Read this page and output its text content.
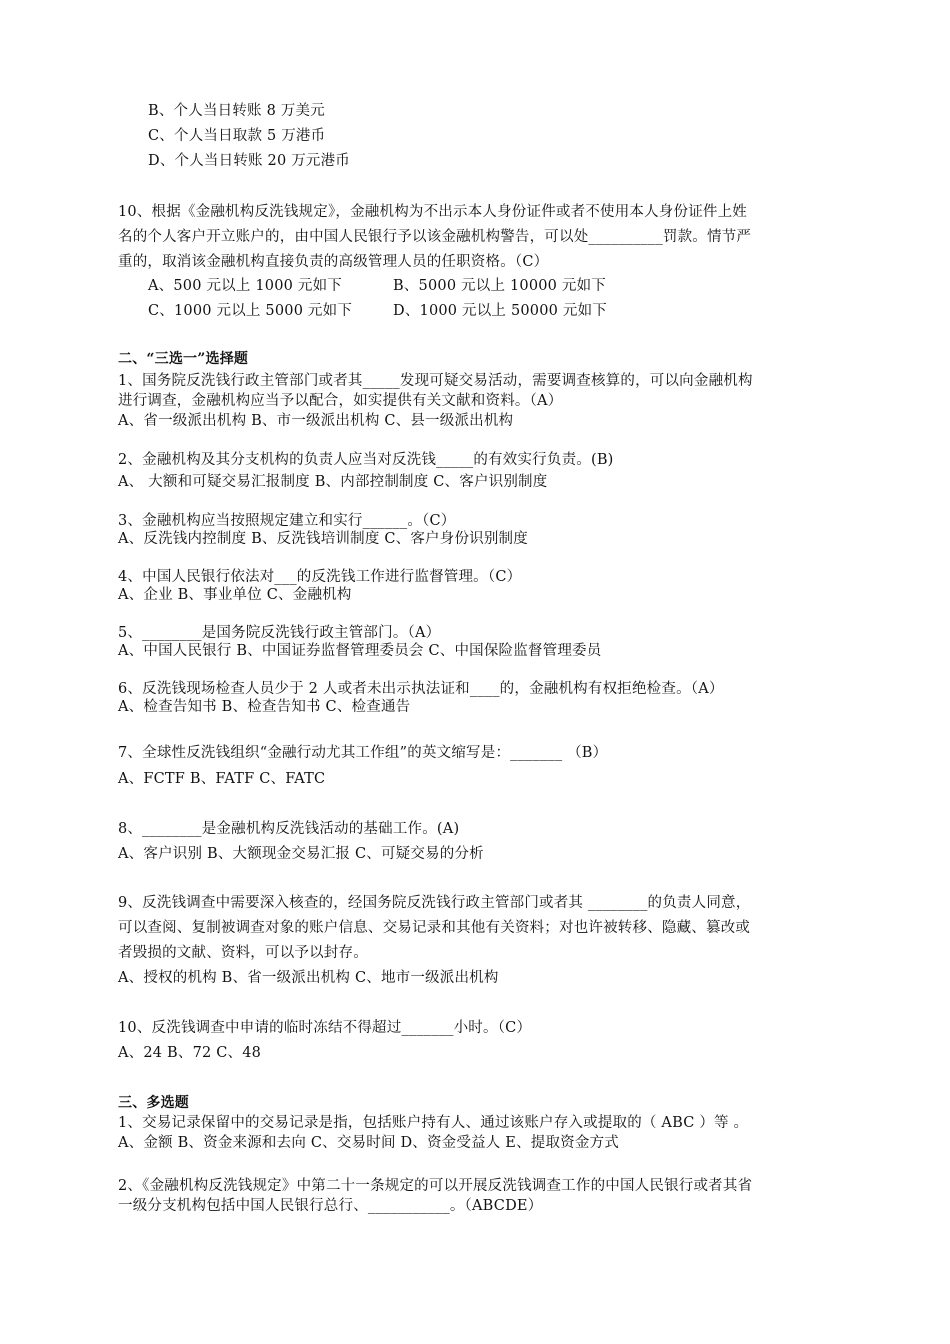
B、个人当日转账 8 万美元
C、个人当日取款 5 万港币
D、个人当日转账 20 万元港币
10、根据《金融机构反洗钱规定》，金融机构为不出示本人身份证件或者不使用本人身份证件上姓
名的个人客户开立账户的，由中国人民银行予以该金融机构警告，可以处__________罚款。情节严
重的，取消该金融机构直接负责的高级管理人员的任职资格。（C）
二、“三选一”选择题
1、国务院反洗钱行政主管部门或者其_____发现可疑交易活动，需要调查核算的，可以向金融机构
进行调查，金融机构应当予以配合，如实提供有关文献和资料。（A）
A、省一级派出机构 B、市一级派出机构 C、县一级派出机构
2、金融机构及其分支机构的负责人应当对反洗钱_____的有效实行负责。(B)
A、 大额和可疑交易汇报制度 B、内部控制制度 C、客户识别制度
3、金融机构应当按照规定建立和实行______。（C）
A、反洗钱内控制度 B、反洗钱培训制度 C、客户身份识别制度
4、中国人民银行依法对___的反洗钱工作进行监督管理。（C）
A、企业 B、事业单位 C、金融机构
5、________是国务院反洗钱行政主管部门。（A）
A、中国人民银行 B、中国证券监督管理委员会 C、中国保险监督管理委员
6、反洗钱现场检查人员少于 2 人或者未出示执法证和____的，金融机构有权拒绝检查。（A）
A、检查告知书 B、检查告知书 C、检查通告
7、全球性反洗钱组织“金融行动尤其工作组”的英文缩写是：_______ （B）
A、FCTF B、FATF C、FATC
8、________是金融机构反洗钱活动的基础工作。(A)
A、客户识别 B、大额现金交易汇报 C、可疑交易的分析
9、反洗钱调查中需要深入核查的，经国务院反洗钱行政主管部门或者其 ________的负责人同意，
可以查阅、复制被调查对象的账户信息、交易记录和其他有关资料；对也许被转移、隐藏、篡改或
者毁损的文献、资料，可以予以封存。
A、授权的机构 B、省一级派出机构 C、地市一级派出机构
10、反洗钱调查中申请的临时冻结不得超过_______小时。（C）
A、24 B、72 C、48
三、多选题
1、交易记录保留中的交易记录是指，包括账户持有人、通过该账户存入或提取的（ ABC ）等 。
A、金额 B、资金来源和去向 C、交易时间 D、资金受益人 E、提取资金方式
2、《金融机构反洗钱规定》中第二十一条规定的可以开展反洗钱调查工作的中国人民银行或者其省
一级分支机构包括中国人民银行总行、___________。（ABCDE）
A、500 元以上 1000 元如下	B、5000 元以上 10000 元如下
C、1000 元以上 5000 元如下	D、1000 元以上 50000 元如下
